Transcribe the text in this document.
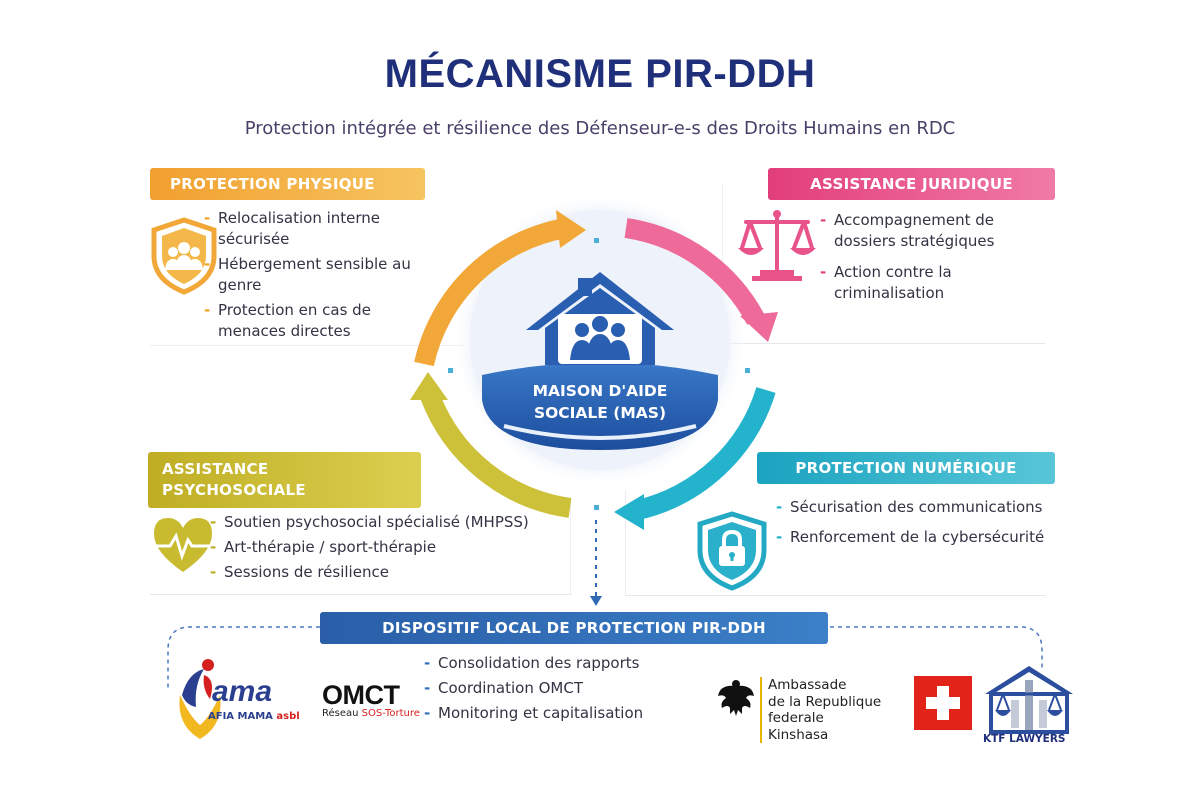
MÉCANISME PIR-DDH
Protection intégrée et résilience des Défenseur-e-s des Droits Humains en RDC
MAISON D'AIDE
SOCIALE (MAS)
PROTECTION PHYSIQUE
- Relocalisation interne sécurisée
- Hébergement sensible au genre
- Protection en cas de menaces directes
ASSISTANCE JURIDIQUE
- Accompagnement de dossiers stratégiques
- Action contre la criminalisation
ASSISTANCE
PSYCHOSOCIALE
- Soutien psychosocial spécialisé (MHPSS)
- Art-thérapie / sport-thérapie
- Sessions de résilience
PROTECTION NUMÉRIQUE
- Sécurisation des communications
- Renforcement de la cybersécurité
DISPOSITIF LOCAL DE PROTECTION PIR-DDH
- Consolidation des rapports
- Coordination OMCT
- Monitoring et capitalisation
ama
AFIA MAMA asbl
OMCT
Réseau SOS-Torture
Ambassade
de la Republique
federale
Kinshasa	KTF LAWYERS
